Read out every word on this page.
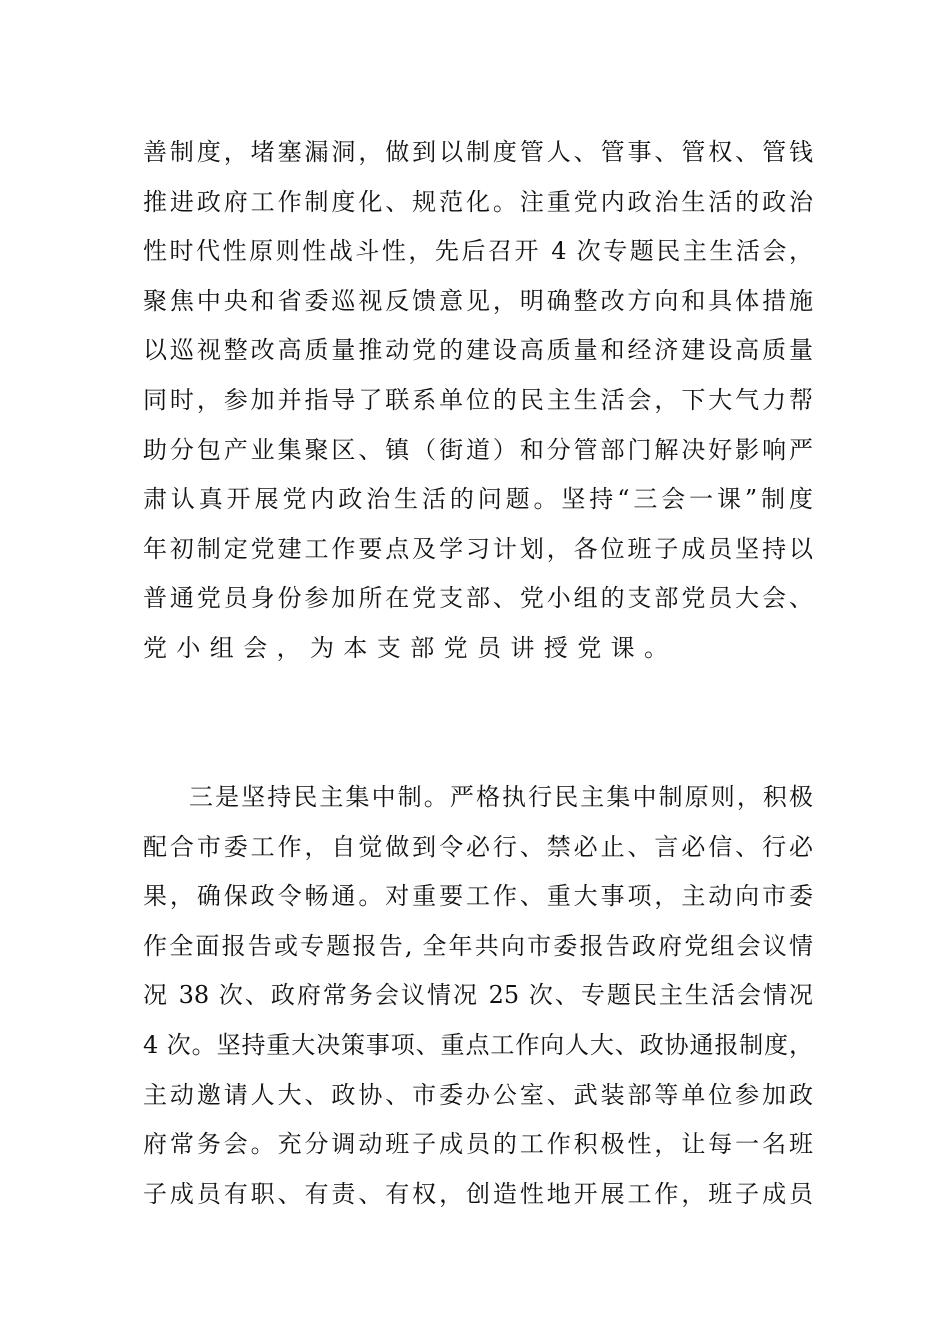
善制度，堵塞漏洞，做到以制度管人、管事、管权、管钱
推进政府工作制度化、规范化。注重党内政治生活的政治
性时代性原则性战斗性，先后召开 4 次专题民主生活会，
聚焦中央和省委巡视反馈意见，明确整改方向和具体措施
以巡视整改高质量推动党的建设高质量和经济建设高质量
同时，参加并指导了联系单位的民主生活会，下大气力帮
助分包产业集聚区、镇（街道）和分管部门解决好影响严
肃认真开展党内政治生活的问题。坚持“三会一课”制度
年初制定党建工作要点及学习计划，各位班子成员坚持以
普通党员身份参加所在党支部、党小组的支部党员大会、
党小组会，为本支部党员讲授党课。
三是坚持民主集中制。严格执行民主集中制原则，积极
配合市委工作，自觉做到令必行、禁必止、言必信、行必
果，确保政令畅通。对重要工作、重大事项，主动向市委
作全面报告或专题报告, 全年共向市委报告政府党组会议情
况 38 次、政府常务会议情况 25 次、专题民主生活会情况
4 次。坚持重大决策事项、重点工作向人大、政协通报制度，
主动邀请人大、政协、市委办公室、武装部等单位参加政
府常务会。充分调动班子成员的工作积极性，让每一名班
子成员有职、有责、有权，创造性地开展工作，班子成员
